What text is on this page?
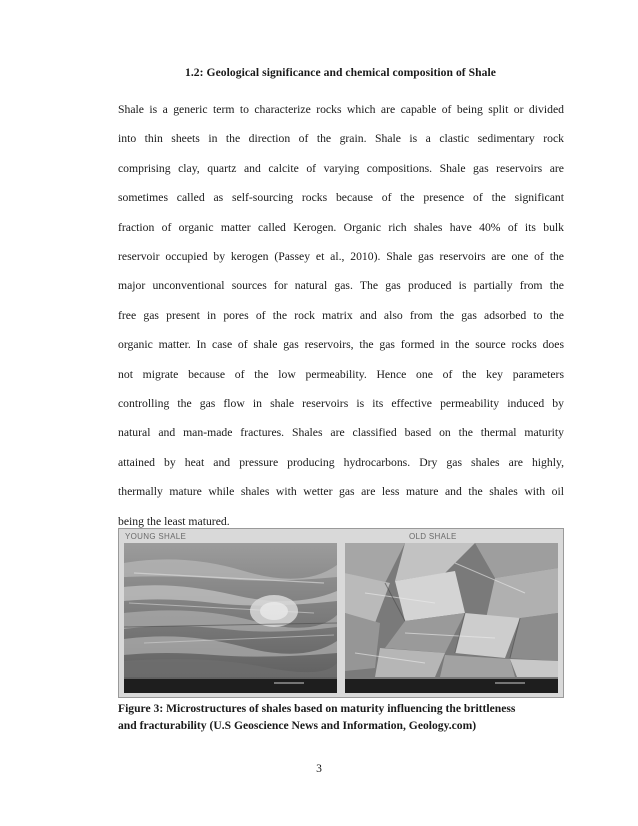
1.2: Geological significance and chemical composition of Shale

Shale is a generic term to characterize rocks which are capable of being split or divided
into thin sheets in the direction of the grain. Shale is a clastic sedimentary rock
comprising clay, quartz and calcite of varying compositions. Shale gas reservoirs are
sometimes called as self-sourcing rocks because of the presence of the significant
fraction of organic matter called Kerogen. Organic rich shales have 40% of its bulk
reservoir occupied by kerogen (Passey et al., 2010). Shale gas reservoirs are one of the
major unconventional sources for natural gas. The gas produced is partially from the
free gas present in pores of the rock matrix and also from the gas adsorbed to the
organic matter. In case of shale gas reservoirs, the gas formed in the source rocks does
not migrate because of the low permeability. Hence one of the key parameters
controlling the gas flow in shale reservoirs is its effective permeability induced by
natural and man-made fractures. Shales are classified based on the thermal maturity
attained by heat and pressure producing hydrocarbons. Dry gas shales are highly,
thermally mature while shales with wetter gas are less mature and the shales with oil
being the least matured.

YOUNG SHALE	OLD SHALE

Figure 3: Microstructures of shales based on maturity influencing the brittleness
and fracturability (U.S Geoscience News and Information, Geology.com)

3
